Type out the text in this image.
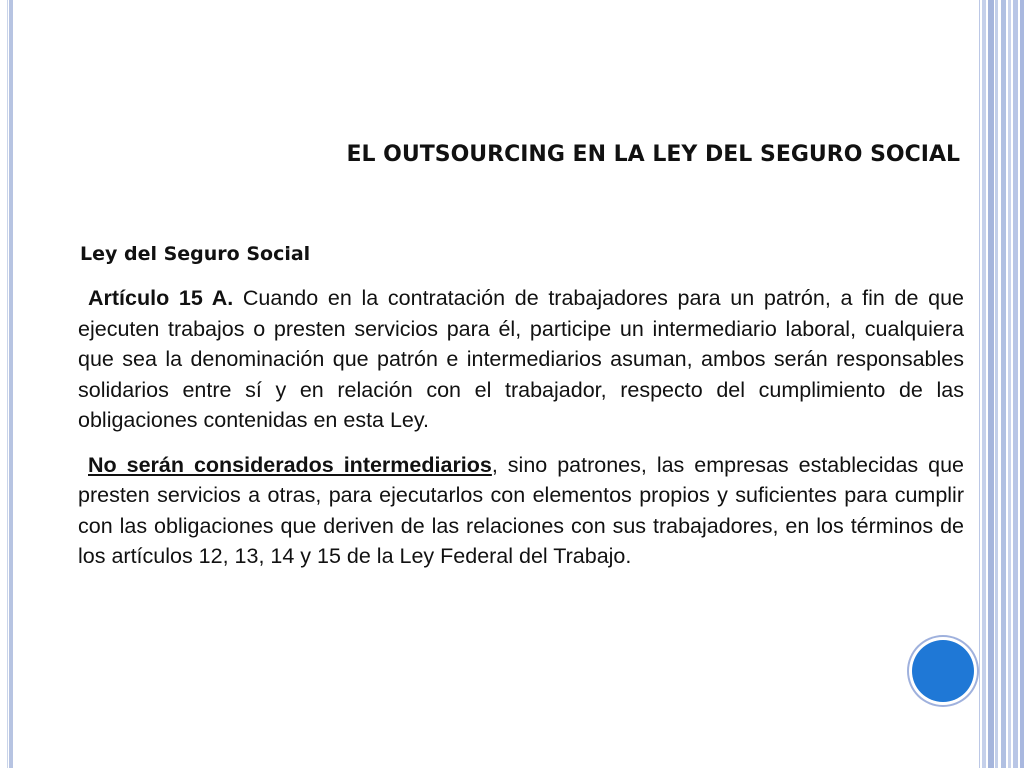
EL OUTSOURCING EN LA LEY DEL SEGURO SOCIAL
Ley del Seguro Social

Artículo 15 A. Cuando en la contratación de trabajadores para un patrón, a fin de que ejecuten trabajos o presten servicios para él, participe un intermediario laboral, cualquiera que sea la denominación que patrón e intermediarios asuman, ambos serán responsables solidarios entre sí y en relación con el trabajador, respecto del cumplimiento de las obligaciones contenidas en esta Ley.

No serán considerados intermediarios, sino patrones, las empresas establecidas que presten servicios a otras, para ejecutarlos con elementos propios y suficientes para cumplir con las obligaciones que deriven de las relaciones con sus trabajadores, en los términos de los artículos 12, 13, 14 y 15 de la Ley Federal del Trabajo.
